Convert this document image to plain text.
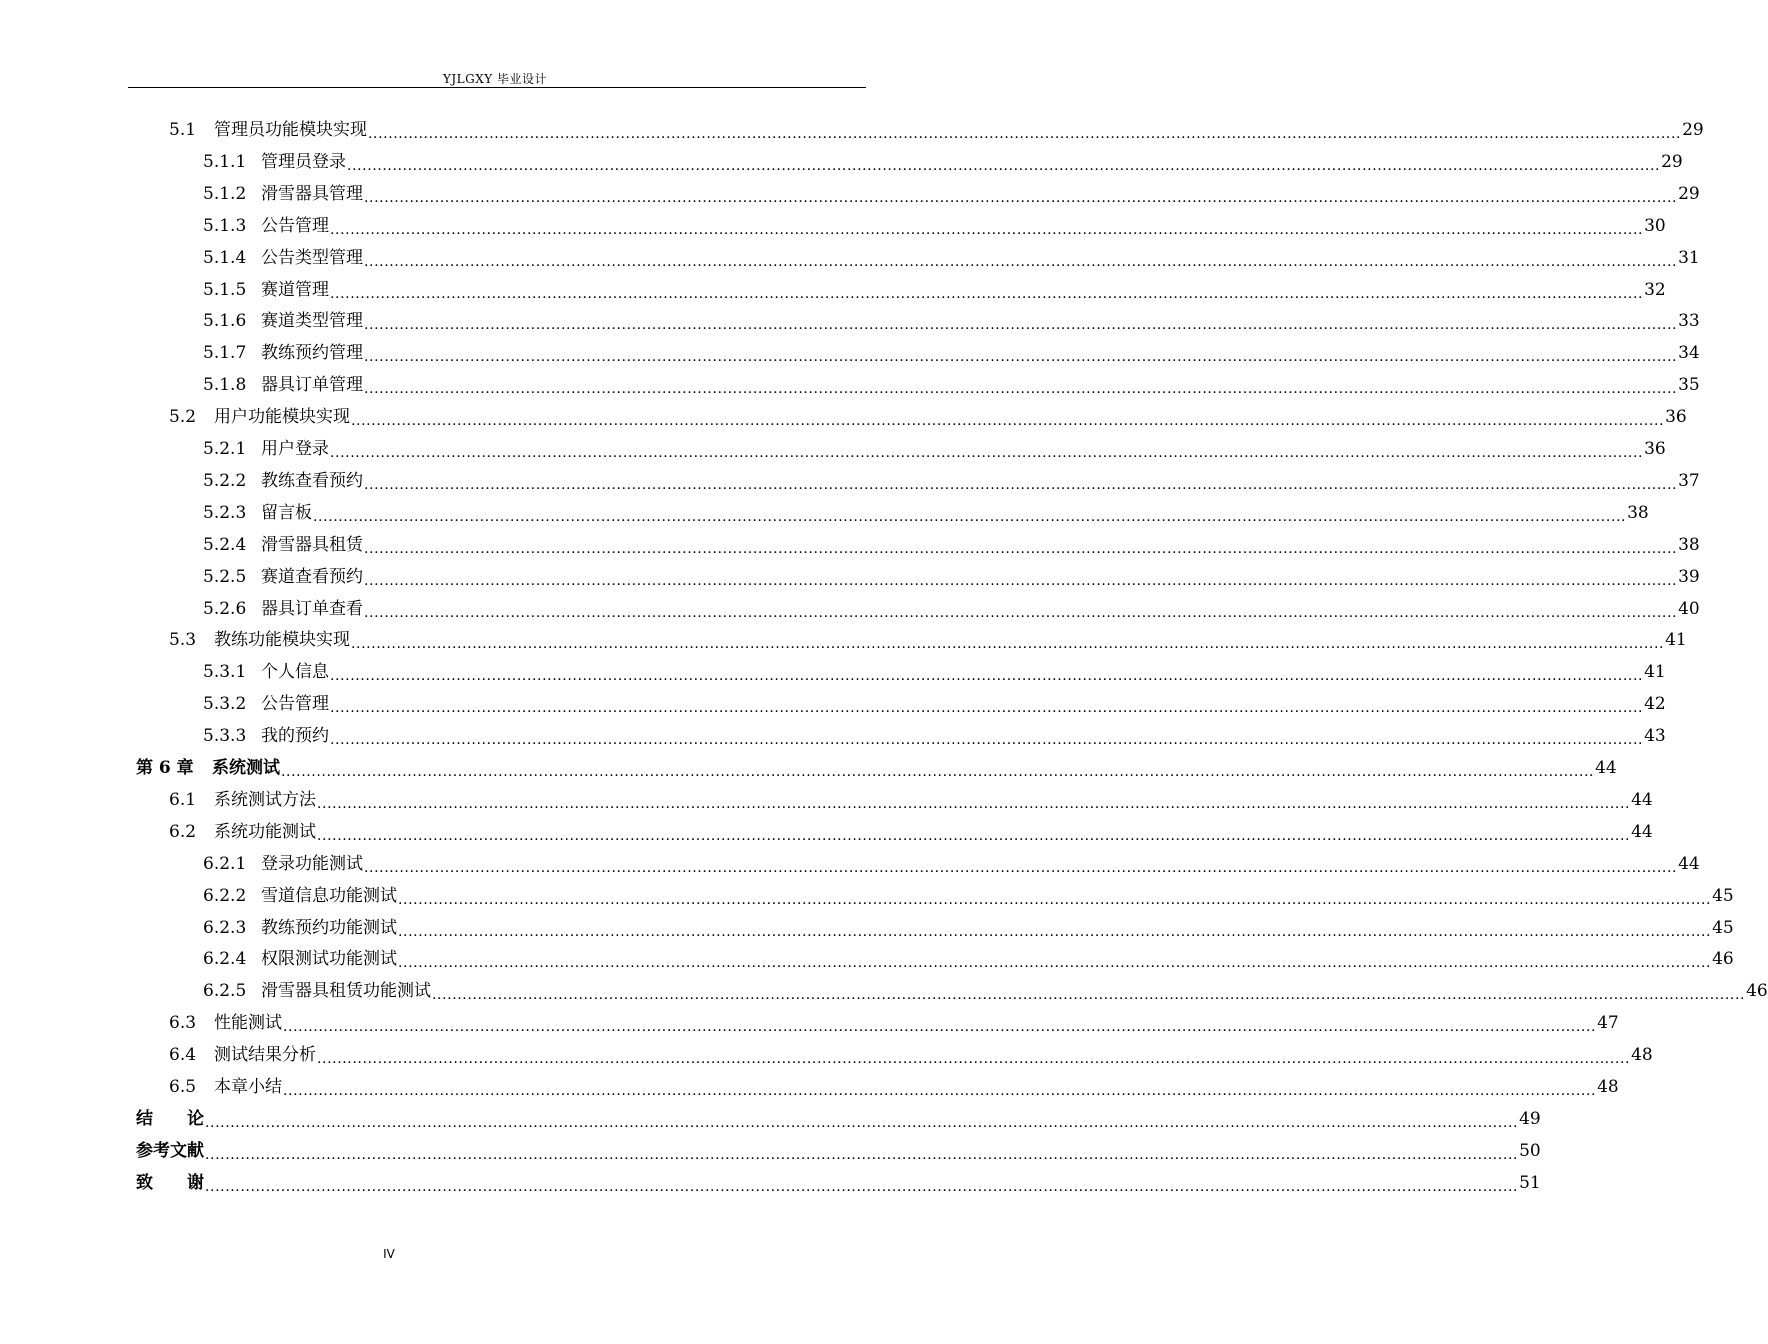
YJLGXY 毕业设计
5.1	管理员功能模块实现 .................................................................................................................................................................................................................................................................... 29
5.1.1 管理员登录 .................................................................................................................................................................................................................................................................... 29
5.1.2 滑雪器具管理 .................................................................................................................................................................................................................................................................... 29
5.1.3 公告管理 .................................................................................................................................................................................................................................................................... 30
5.1.4 公告类型管理 .................................................................................................................................................................................................................................................................... 31
5.1.5 赛道管理 .................................................................................................................................................................................................................................................................... 32
5.1.6 赛道类型管理 .................................................................................................................................................................................................................................................................... 33
5.1.7 教练预约管理 .................................................................................................................................................................................................................................................................... 34
5.1.8 器具订单管理 .................................................................................................................................................................................................................................................................... 35
5.2	用户功能模块实现 .................................................................................................................................................................................................................................................................... 36
5.2.1 用户登录 .................................................................................................................................................................................................................................................................... 36
5.2.2 教练查看预约 .................................................................................................................................................................................................................................................................... 37
5.2.3 留言板 .................................................................................................................................................................................................................................................................... 38
5.2.4 滑雪器具租赁 .................................................................................................................................................................................................................................................................... 38
5.2.5 赛道查看预约 .................................................................................................................................................................................................................................................................... 39
5.2.6 器具订单查看 .................................................................................................................................................................................................................................................................... 40
5.3	教练功能模块实现 .................................................................................................................................................................................................................................................................... 41
5.3.1 个人信息 .................................................................................................................................................................................................................................................................... 41
5.3.2 公告管理 .................................................................................................................................................................................................................................................................... 42
5.3.3 我的预约 .................................................................................................................................................................................................................................................................... 43
第 6 章	系统测试 .................................................................................................................................................................................................................................................................... 44
6.1	系统测试方法 .................................................................................................................................................................................................................................................................... 44
6.2	系统功能测试 .................................................................................................................................................................................................................................................................... 44
6.2.1 登录功能测试 .................................................................................................................................................................................................................................................................... 44
6.2.2 雪道信息功能测试 .................................................................................................................................................................................................................................................................... 45
6.2.3 教练预约功能测试 .................................................................................................................................................................................................................................................................... 45
6.2.4 权限测试功能测试 .................................................................................................................................................................................................................................................................... 46
6.2.5 滑雪器具租赁功能测试 .................................................................................................................................................................................................................................................................... 46
6.3	性能测试 .................................................................................................................................................................................................................................................................... 47
6.4	测试结果分析 .................................................................................................................................................................................................................................................................... 48
6.5	本章小结 .................................................................................................................................................................................................................................................................... 48
结　　论 .................................................................................................................................................................................................................................................................... 49
参考文献 .................................................................................................................................................................................................................................................................... 50
致　　谢 .................................................................................................................................................................................................................................................................... 51
IV
